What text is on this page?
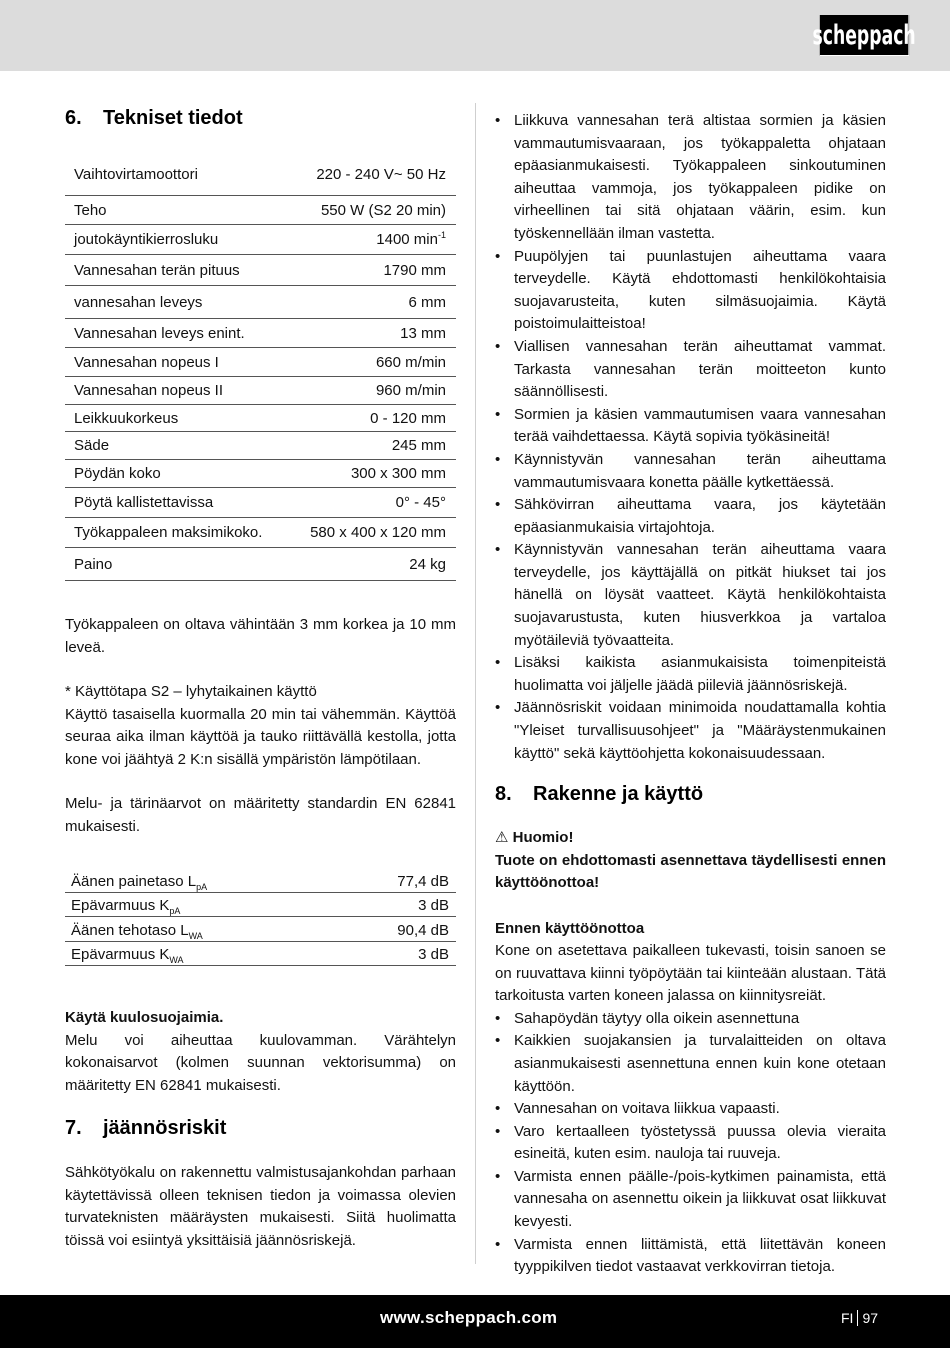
scheppach
6.	Tekniset tiedot
Vaihtovirtamoottori	220 - 240 V~ 50 Hz
Teho	550 W (S2 20 min)
joutokäyntikierrosluku	1400 $\min^{-1}$
Vannesahan terän pituus	1790 mm
vannesahan leveys	6 mm
Vannesahan leveys enint.	13 mm
Vannesahan nopeus I	660 m/min
Vannesahan nopeus II	960 m/min
Leikkuukorkeus	0 - 120 mm
Säde	245 mm
Pöydän koko	300 x 300 mm
Pöytä kallistettavissa	0° - 45°
Työkappaleen maksimikoko.	580 x 400 x 120 mm
Paino	24 kg

Työkappaleen on oltava vähintään 3 mm korkea ja 10 mm leveä.

* Käyttötapa S2 – lyhytaikainen käyttö

Käyttö tasaisella kuormalla 20 min tai vähemmän. Käyttöä seuraa aika ilman käyttöä ja tauko riittävällä kestolla, jotta kone voi jäähtyä 2 K:n sisällä ympäristön lämpötilaan.

Melu- ja tärinäarvot on määritetty standardin EN 62841 mukaisesti.

Äänen painetaso $L_{pA}$	77,4 dB
Epävarmuus $K_{pA}$	3 dB
Äänen tehotaso $L_{WA}$	90,4 dB
Epävarmuus $K_{WA}$	3 dB

Käytä kuulosuojaimia.

Melu voi aiheuttaa kuulovamman. Värähtelyn kokonaisarvot (kolmen suunnan vektorisumma) on määritetty EN 62841 mukaisesti.

7.	jäännösriskit

Sähkötyökalu on rakennettu valmistusajankohdan parhaan käytettävissä olleen teknisen tiedon ja voimassa olevien turvateknisten määräysten mukaisesti. Siitä huolimatta töissä voi esiintyä yksittäisiä jäännösriskejä.

• Liikkuva vannesahan terä altistaa sormien ja käsien vammautumisvaaraan, jos työkappaletta ohjataan epäasianmukaisesti. Työkappaleen sinkoutuminen aiheuttaa vammoja, jos työkappaleen pidike on virheellinen tai sitä ohjataan väärin, esim. kun työskennellään ilman vastetta.
• Puupölyjen tai puunlastujen aiheuttama vaara terveydelle. Käytä ehdottomasti henkilökohtaisia suojavarusteita, kuten silmäsuojaimia. Käytä poistoimulaitteistoa!
• Viallisen vannesahan terän aiheuttamat vammat. Tarkasta vannesahan terän moitteeton kunto säännöllisesti.
• Sormien ja käsien vammautumisen vaara vannesahan terää vaihdettaessa. Käytä sopivia työkäsineitä!
• Käynnistyvän vannesahan terän aiheuttama vammautumisvaara konetta päälle kytkettäessä.
• Sähkövirran aiheuttama vaara, jos käytetään epäasianmukaisia virtajohtoja.
• Käynnistyvän vannesahan terän aiheuttama vaara terveydelle, jos käyttäjällä on pitkät hiukset tai jos hänellä on löysät vaatteet. Käytä henkilökohtaista suojavarustusta, kuten hiusverkkoa ja vartaloa myötäileviä työvaatteita.
• Lisäksi kaikista asianmukaisista toimenpiteistä huolimatta voi jäljelle jäädä piileviä jäännösriskejä.
• Jäännösriskit voidaan minimoida noudattamalla kohtia "Yleiset turvallisuusohjeet" ja "Määräystenmukainen käyttö" sekä käyttöohjetta kokonaisuudessaan.
8.	Rakenne ja käyttö

⚠ Huomio!

Tuote on ehdottomasti asennettava täydellisesti ennen käyttöönottoa!

Ennen käyttöönottoa

Kone on asetettava paikalleen tukevasti, toisin sanoen se on ruuvattava kiinni työpöytään tai kiinteään alustaan. Tätä tarkoitusta varten koneen jalassa on kiinnitysreiät.

• Sahapöydän täytyy olla oikein asennettuna
• Kaikkien suojakansien ja turvalaitteiden on oltava asianmukaisesti asennettuna ennen kuin kone otetaan käyttöön.
• Vannesahan on voitava liikkua vapaasti.
• Varo kertaalleen työstetyssä puussa olevia vieraita esineitä, kuten esim. nauloja tai ruuveja.
• Varmista ennen päälle-/pois-kytkimen painamista, että vannesaha on asennettu oikein ja liikkuvat osat liikkuvat kevyesti.
• Varmista ennen liittämistä, että liitettävän koneen tyyppikilven tiedot vastaavat verkkovirran tietoja.
www.scheppach.com	FI 97
